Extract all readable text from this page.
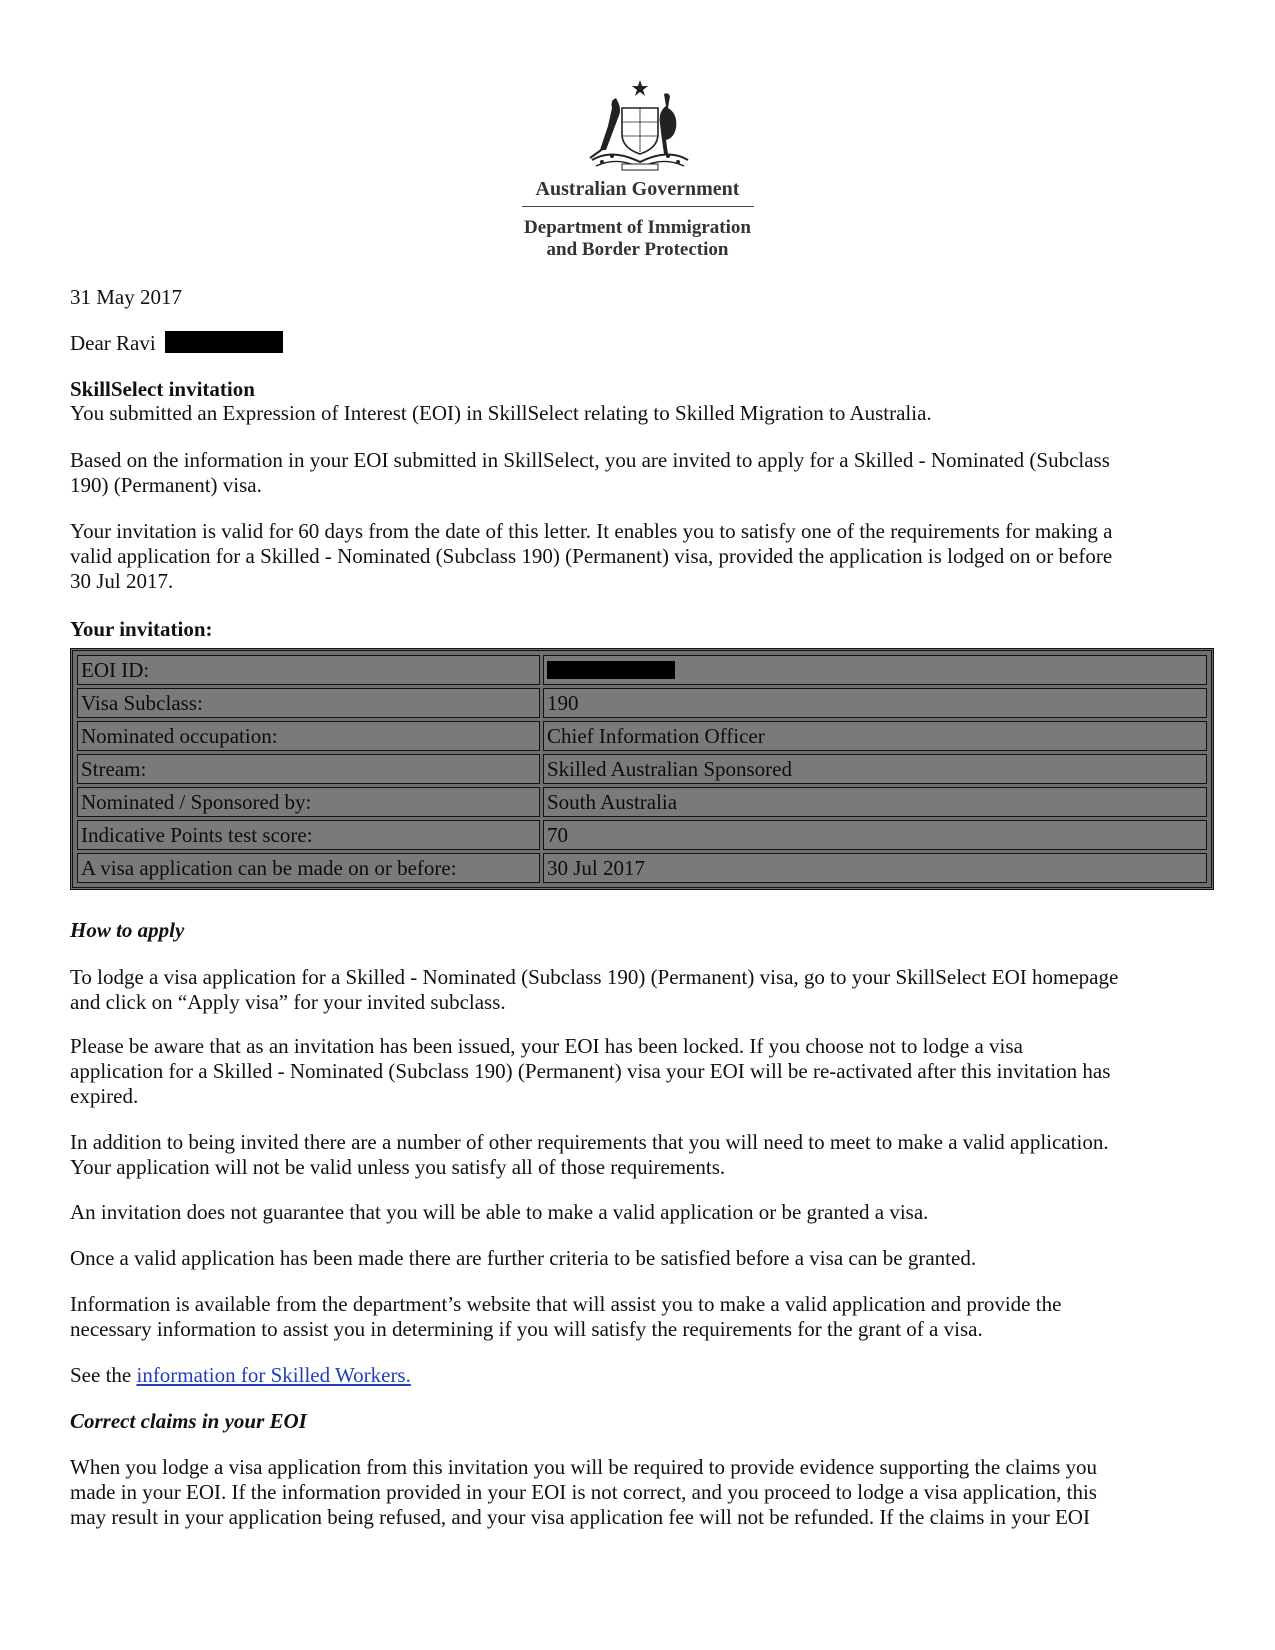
Australian Government
Department of Immigration
and Border Protection
31 May 2017
Dear Ravi
SkillSelect invitation
You submitted an Expression of Interest (EOI) in SkillSelect relating to Skilled Migration to Australia.
Based on the information in your EOI submitted in SkillSelect, you are invited to apply for a Skilled - Nominated (Subclass
190) (Permanent) visa.
Your invitation is valid for 60 days from the date of this letter. It enables you to satisfy one of the requirements for making a
valid application for a Skilled - Nominated (Subclass 190) (Permanent) visa, provided the application is lodged on or before
30 Jul 2017.
Your invitation:
EOI ID:	
Visa Subclass:	190
Nominated occupation:	Chief Information Officer
Stream:	Skilled Australian Sponsored
Nominated / Sponsored by:	South Australia
Indicative Points test score:	70
A visa application can be made on or before:	30 Jul 2017
How to apply
To lodge a visa application for a Skilled - Nominated (Subclass 190) (Permanent) visa, go to your SkillSelect EOI homepage
and click on “Apply visa” for your invited subclass.
Please be aware that as an invitation has been issued, your EOI has been locked. If you choose not to lodge a visa
application for a Skilled - Nominated (Subclass 190) (Permanent) visa your EOI will be re-activated after this invitation has
expired.
In addition to being invited there are a number of other requirements that you will need to meet to make a valid application.
Your application will not be valid unless you satisfy all of those requirements.
An invitation does not guarantee that you will be able to make a valid application or be granted a visa.
Once a valid application has been made there are further criteria to be satisfied before a visa can be granted.
Information is available from the department’s website that will assist you to make a valid application and provide the
necessary information to assist you in determining if you will satisfy the requirements for the grant of a visa.
See the information for Skilled Workers.
Correct claims in your EOI
When you lodge a visa application from this invitation you will be required to provide evidence supporting the claims you
made in your EOI. If the information provided in your EOI is not correct, and you proceed to lodge a visa application, this
may result in your application being refused, and your visa application fee will not be refunded. If the claims in your EOI
